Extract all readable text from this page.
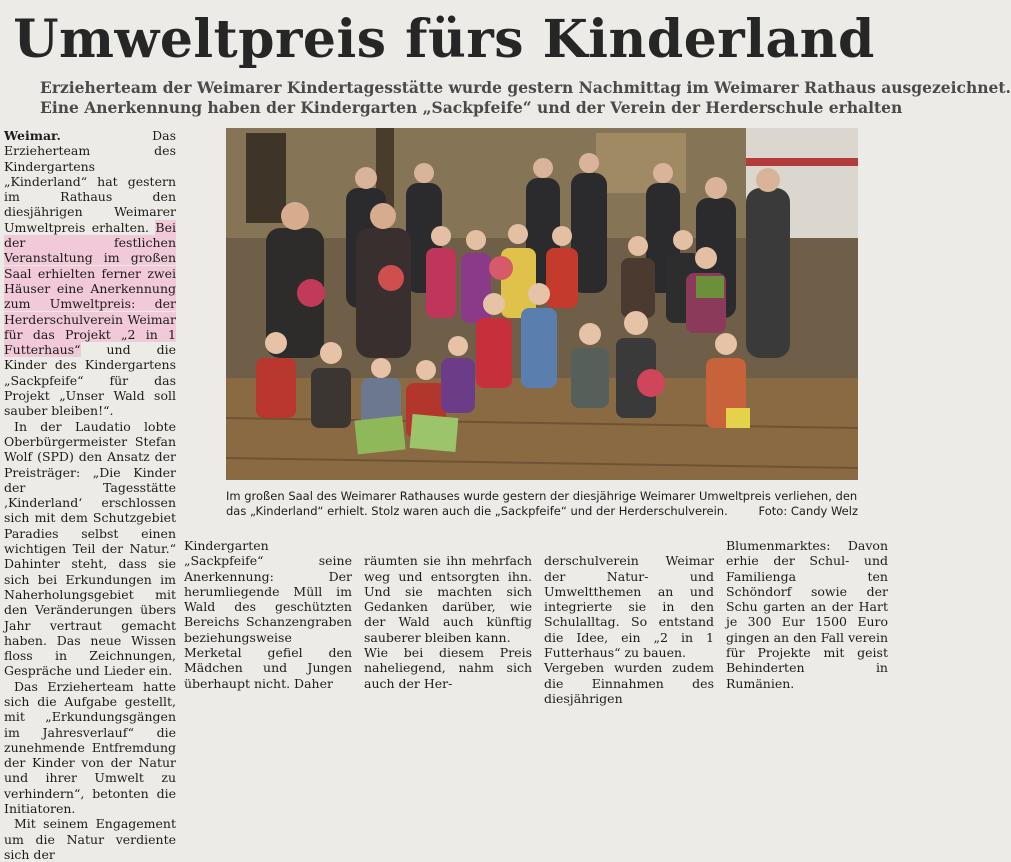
Umweltpreis fürs Kinderland
Erzieherteam der Weimarer Kindertagesstätte wurde gestern Nachmittag im Weimarer Rathaus ausgezeichnet.
Eine Anerkennung haben der Kindergarten „Sackpfeife“ und der Verein der Herderschule erhalten

Weimar. Das Erzieherteam des Kindergartens „Kinderland“ hat gestern im Rathaus den diesjährigen Weimarer Umweltpreis erhalten. Bei der festlichen Veranstaltung im großen Saal erhielten ferner zwei Häuser eine Anerkennung zum Umweltpreis: der Herderschulverein Weimar für das Projekt „2 in 1 Futterhaus“ und die Kinder des Kindergartens „Sackpfeife“ für das Projekt „Unser Wald soll sauber bleiben!“.

In der Laudatio lobte Oberbürgermeister Stefan Wolf (SPD) den Ansatz der Preisträger: „Die Kinder der Tagesstätte ‚Kinderland‘ erschlossen sich mit dem Schutzgebiet Paradies selbst einen wichtigen Teil der Natur.“ Dahinter steht, dass sie sich bei Erkundungen im Naherholungsgebiet mit den Veränderungen übers Jahr vertraut gemacht haben. Das neue Wissen floss in Zeichnungen, Gespräche und Lieder ein.

Das Erzieherteam hatte sich die Aufgabe gestellt, mit „Erkundungsgängen im Jahresverlauf“ die zunehmende Entfremdung der Kinder von der Natur und ihrer Umwelt zu verhindern“, betonten die Initiatoren.

Mit seinem Engagement um die Natur verdiente sich der

Im großen Saal des Weimarer Rathauses wurde gestern der diesjährige Weimarer Umweltpreis verliehen, den das „Kinderland“ erhielt. Stolz waren auch die „Sackpfeife“ und der Herderschulverein.	Foto: Candy Welz

Kindergarten „Sackpfeife“ seine Anerkennung: Der herumliegende Müll im Wald des geschützten Bereichs Schanzengraben beziehungsweise Merketal gefiel den Mädchen und Jungen überhaupt nicht. Daher

räumten sie ihn mehrfach weg und entsorgten ihn. Und sie machten sich Gedanken darüber, wie der Wald auch künftig sauberer bleiben kann.
Wie bei diesem Preis naheliegend, nahm sich auch der Her-

derschulverein Weimar der Natur- und Umweltthemen an und integrierte sie in den Schulalltag. So entstand die Idee, ein „2 in 1 Futterhaus“ zu bauen.
Vergeben wurden zudem die Einnahmen des diesjährigen

Blumenmarktes: Davon erhie der Schul- und Familienga ten Schöndorf sowie der Schu garten an der Hart je 300 Eur 1500 Euro gingen an den Fall verein für Projekte mit geist Behinderten in Rumänien.
